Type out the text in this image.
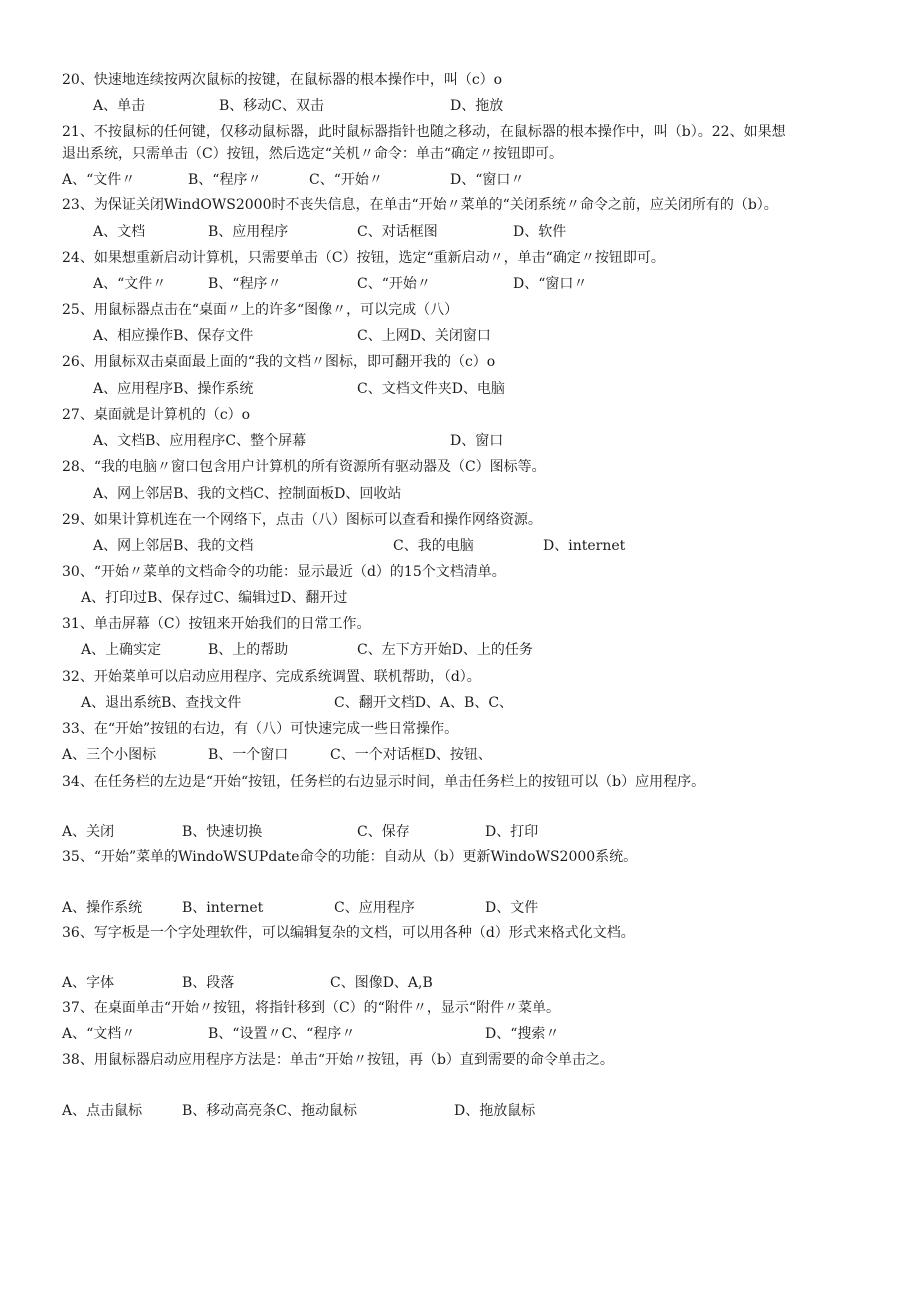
20、快速地连续按两次鼠标的按键，在鼠标器的根本操作中，叫（c）o
A、单击	B、移动C、双击	D、拖放
21、不按鼠标的任何键，仅移动鼠标器，此时鼠标器指针也随之移动，在鼠标器的根本操作中，叫（b）。22、如果想
退出系统，只需单击（C）按钮，然后选定“关机〃命令：单击“确定〃按钮即可。
A、“文件〃	B、“程序〃	C、“开始〃	D、“窗口〃
23、为保证关闭WindOWS2000时不丧失信息，在单击“开始〃菜单的“关闭系统〃命令之前，应关闭所有的（b）。
A、文档	B、应用程序	C、对话框图	D、软件
24、如果想重新启动计算机，只需要单击（C）按钮，选定“重新启动〃，单击“确定〃按钮即可。
A、“文件〃	B、“程序〃	C、“开始〃	D、“窗口〃
25、用鼠标器点击在“桌面〃上的许多“图像〃，可以完成（八）
A、相应操作B、保存文件	C、上网D、关闭窗口
26、用鼠标双击桌面最上面的“我的文档〃图标，即可翻开我的（c）o
A、应用程序B、操作系统	C、文档文件夹D、电脑
27、桌面就是计算机的（c）o
A、文档B、应用程序C、整个屏幕	D、窗口
28、“我的电脑〃窗口包含用户计算机的所有资源所有驱动器及（C）图标等。
A、网上邻居B、我的文档C、控制面板D、回收站
29、如果计算机连在一个网络下，点击（八）图标可以查看和操作网络资源。
A、网上邻居B、我的文档	C、我的电脑	D、internet
30、“开始〃菜单的文档命令的功能：显示最近（d）的15个文档清单。
A、打印过B、保存过C、编辑过D、翻开过
31、单击屏幕（C）按钮来开始我们的日常工作。
A、上确实定	B、上的帮助	C、左下方开始D、上的任务
32、开始菜单可以启动应用程序、完成系统调置、联机帮助，（d）。
A、退出系统B、查找文件	C、翻开文档D、A、B、C、
33、在“开始”按钮的右边，有（八）可快速完成一些日常操作。
A、三个小图标	B、一个窗口	C、一个对话框D、按钮、
34、在任务栏的左边是“开始“按钮，任务栏的右边显示时间，单击任务栏上的按钮可以（b）应用程序。
A、关闭	B、快速切换	C、保存	D、打印
35、“开始”菜单的WindoWSUPdate命令的功能：自动从（b）更新WindoWS2000系统。
A、操作系统	B、internet	C、应用程序	D、文件
36、写字板是一个字处理软件，可以编辑复杂的文档，可以用各种（d）形式来格式化文档。
A、字体	B、段落	C、图像D、A,B
37、在桌面单击“开始〃按钮，将指针移到（C）的“附件〃，显示“附件〃菜单。
A、“文档〃	B、“设置〃C、“程序〃	D、“搜索〃
38、用鼠标器启动应用程序方法是：单击“开始〃按钮，再（b）直到需要的命令单击之。
A、点击鼠标	B、移动高亮条C、拖动鼠标	D、拖放鼠标
